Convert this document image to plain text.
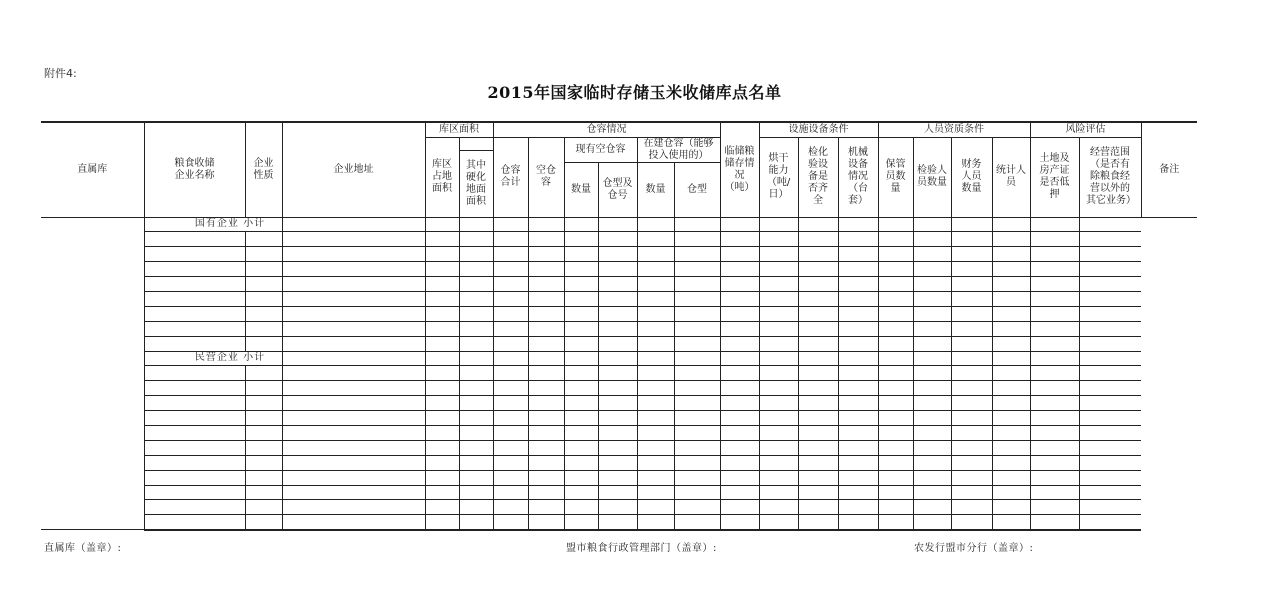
附件4:
2015年国家临时存储玉米收储库点名单
直属库	粮食收储企业名称	企业性质	企业地址	库区面积		仓容情况						临储粮储存情况（吨）	设施设备条件			人员资质条件				风险评估		备注

				库区占地面积		仓容合计	空仓容	现有空仓容		在建仓容（能够投入使用的）			烘干能力（吨/日）	检化验设备是否齐全	机械设备情况（台套）	保管员数量	检验人员数量	财务人员数量	统计人员	土地及房产证是否低押	经营范围（是否有除粮食经营以外的其它业务）	

					其中硬化地面面积																	

								数量	仓型及仓号	数量	仓型											
	国有企业 小计																					

	民营企业 小计																					

直属库（盖章）:	盟市粮食行政管理部门（盖章）:	农发行盟市分行（盖章）:
